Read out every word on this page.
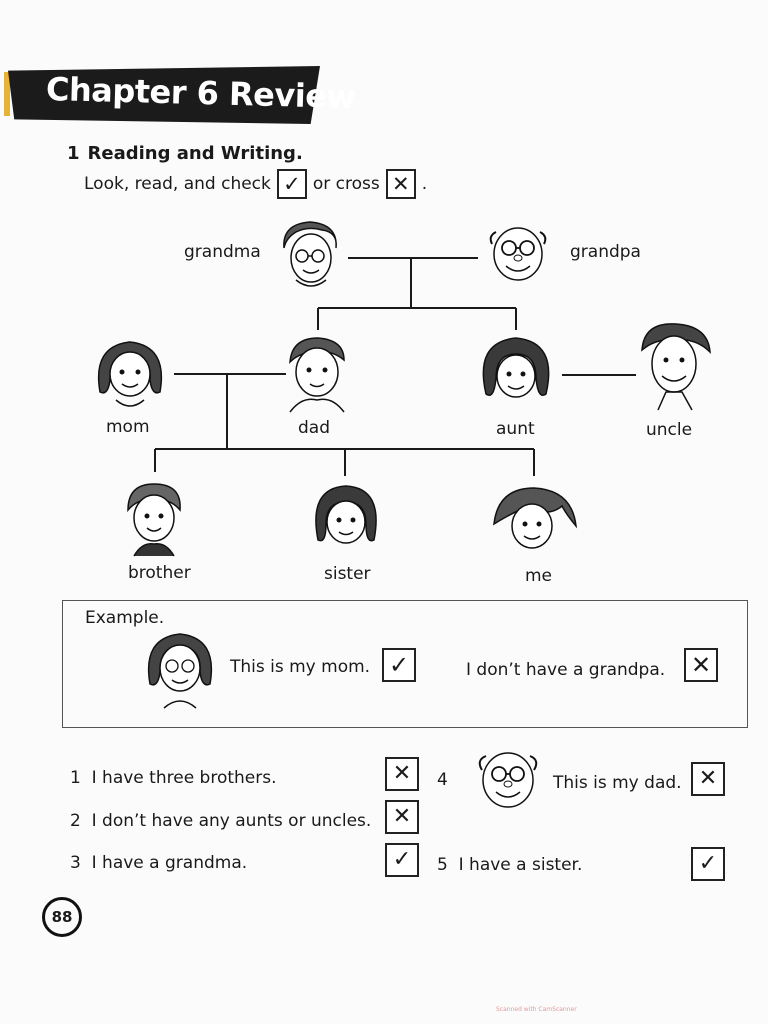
Chapter 6 Review
1 Reading and Writing.
Look, read, and check ✓ or cross ✕ .
grandma	grandpa
mom	dad	aunt	uncle
brother	sister	me
Example.
This is my mom. ✓	I don’t have a grandpa. ✕
1 I have three brothers.	✕
2 I don’t have any aunts or uncles. ✕
3 I have a grandma.	✓
4	This is my dad. ✕
5 I have a sister.	✓
88
Scanned with CamScanner
